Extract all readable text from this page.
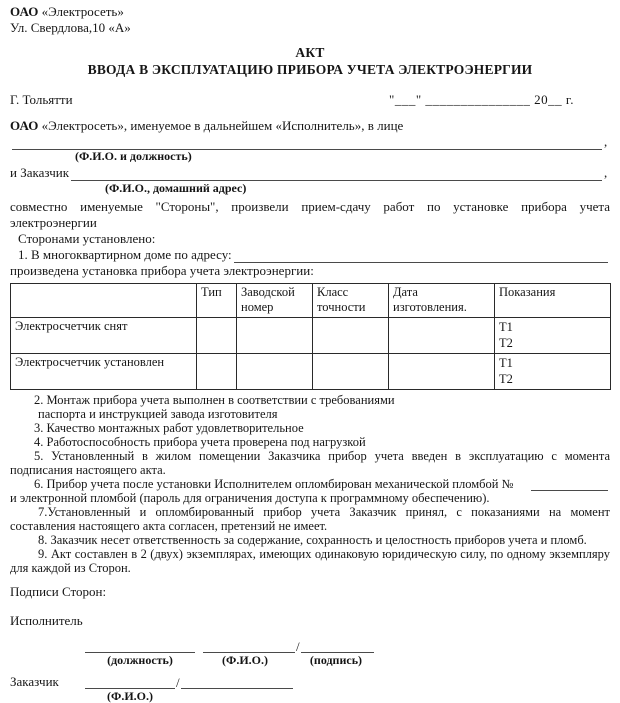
ОАО «Электросеть»
Ул. Свердлова,10 «А»
АКТ
ВВОДА В ЭКСПЛУАТАЦИЮ ПРИБОРА УЧЕТА ЭЛЕКТРОЭНЕРГИИ
Г. Тольятти	"___" _______________ 20__ г.
ОАО «Электросеть», именуемое в дальнейшем «Исполнитель», в лице
,
(Ф.И.О. и должность)
и Заказчик	,
(Ф.И.О., домашний адрес)
совместно именуемые "Стороны", произвели прием-сдачу работ по установке прибора учета электроэнергии
Сторонами установлено:
1. В многоквартирном доме по адресу:
произведена установка прибора учета электроэнергии:
	Тип	Заводской номер	Класс точности	Дата изготовления.	Показания
Электросчетчик снят					Т1
Т2

Электросчетчик установлен					Т1
Т2
2. Монтаж прибора учета выполнен в соответствии с требованиями
паспорта и инструкцией завода изготовителя
3. Качество монтажных работ удовлетворительное
4. Работоспособность прибора учета проверена под нагрузкой
5. Установленный в жилом помещении Заказчика прибор учета введен в эксплуатацию с момента подписания настоящего акта.
6. Прибор учета после установки Исполнителем опломбирован механической пломбой №
и электронной пломбой (пароль для ограничения доступа к программному обеспечению).
7.Установленный и опломбированный прибор учета Заказчик принял, с показаниями на момент составления настоящего акта согласен, претензий не имеет.
8. Заказчик несет ответственность за содержание, сохранность и целостность приборов учета и пломб.
9. Акт составлен в 2 (двух) экземплярах, имеющих одинаковую юридическую силу, по одному экземпляру для каждой из Сторон.
Подписи Сторон:
Исполнитель
/
(должность)	(Ф.И.О.)	(подпись)
Заказчик	/
(Ф.И.О.)
